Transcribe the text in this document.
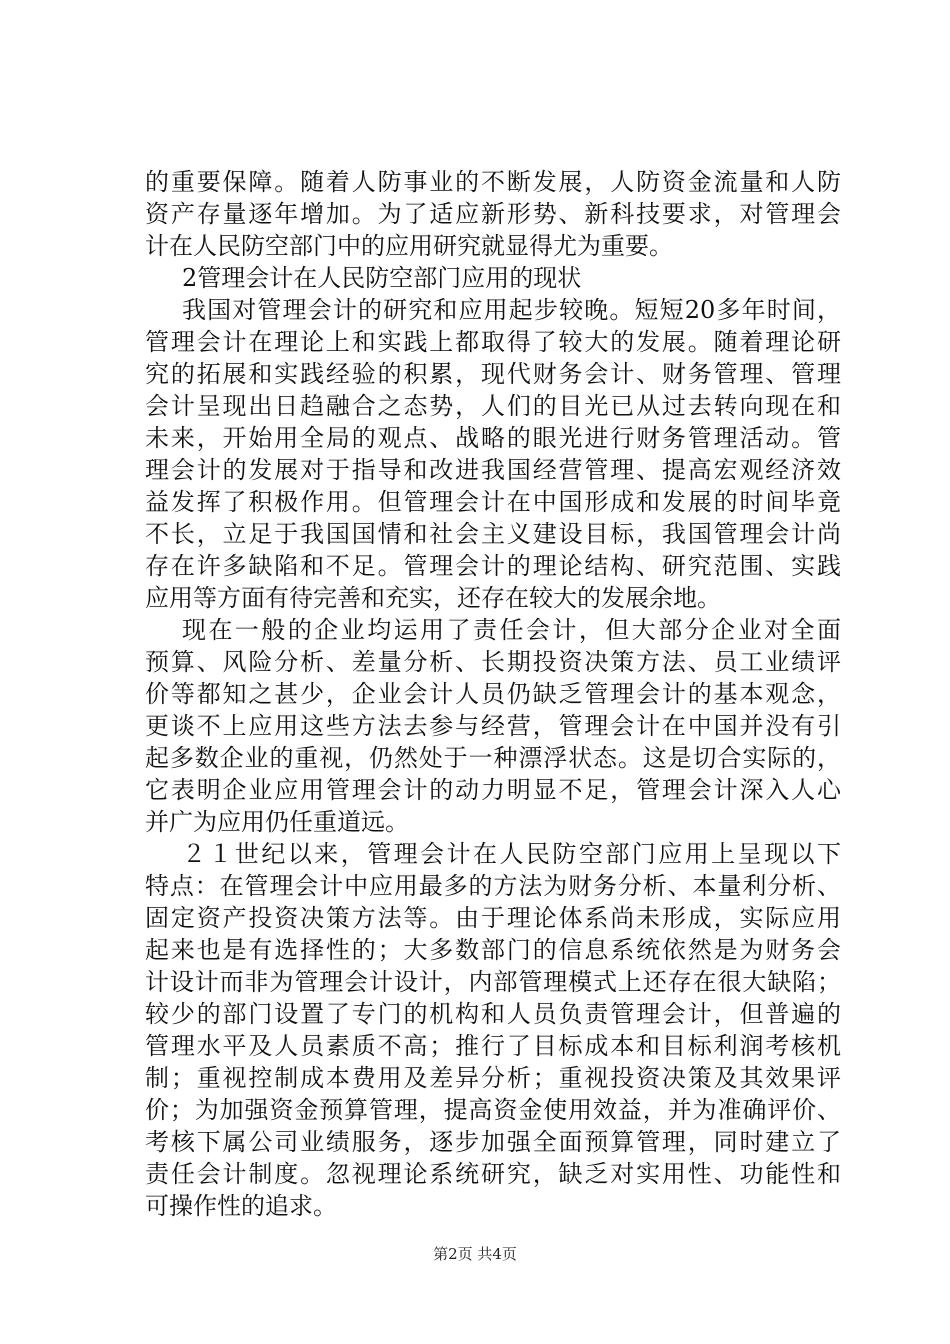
的重要保障。随着人防事业的不断发展，人防资金流量和人防
资产存量逐年增加。为了适应新形势、新科技要求，对管理会
计在人民防空部门中的应用研究就显得尤为重要。
2管理会计在人民防空部门应用的现状
我国对管理会计的研究和应用起步较晚。短短20多年时间，
管理会计在理论上和实践上都取得了较大的发展。随着理论研
究的拓展和实践经验的积累，现代财务会计、财务管理、管理
会计呈现出日趋融合之态势，人们的目光已从过去转向现在和
未来，开始用全局的观点、战略的眼光进行财务管理活动。管
理会计的发展对于指导和改进我国经营管理、提高宏观经济效
益发挥了积极作用。但管理会计在中国形成和发展的时间毕竟
不长，立足于我国国情和社会主义建设目标，我国管理会计尚
存在许多缺陷和不足。管理会计的理论结构、研究范围、实践
应用等方面有待完善和充实，还存在较大的发展余地。
现在一般的企业均运用了责任会计，但大部分企业对全面
预算、风险分析、差量分析、长期投资决策方法、员工业绩评
价等都知之甚少，企业会计人员仍缺乏管理会计的基本观念，
更谈不上应用这些方法去参与经营，管理会计在中国并没有引
起多数企业的重视，仍然处于一种漂浮状态。这是切合实际的，
它表明企业应用管理会计的动力明显不足，管理会计深入人心
并广为应用仍任重道远。
２１世纪以来，管理会计在人民防空部门应用上呈现以下
特点：在管理会计中应用最多的方法为财务分析、本量利分析、
固定资产投资决策方法等。由于理论体系尚未形成，实际应用
起来也是有选择性的；大多数部门的信息系统依然是为财务会
计设计而非为管理会计设计，内部管理模式上还存在很大缺陷；
较少的部门设置了专门的机构和人员负责管理会计，但普遍的
管理水平及人员素质不高；推行了目标成本和目标利润考核机
制；重视控制成本费用及差异分析；重视投资决策及其效果评
价；为加强资金预算管理，提高资金使用效益，并为准确评价、
考核下属公司业绩服务，逐步加强全面预算管理，同时建立了
责任会计制度。忽视理论系统研究，缺乏对实用性、功能性和
可操作性的追求。
第2页 共4页
